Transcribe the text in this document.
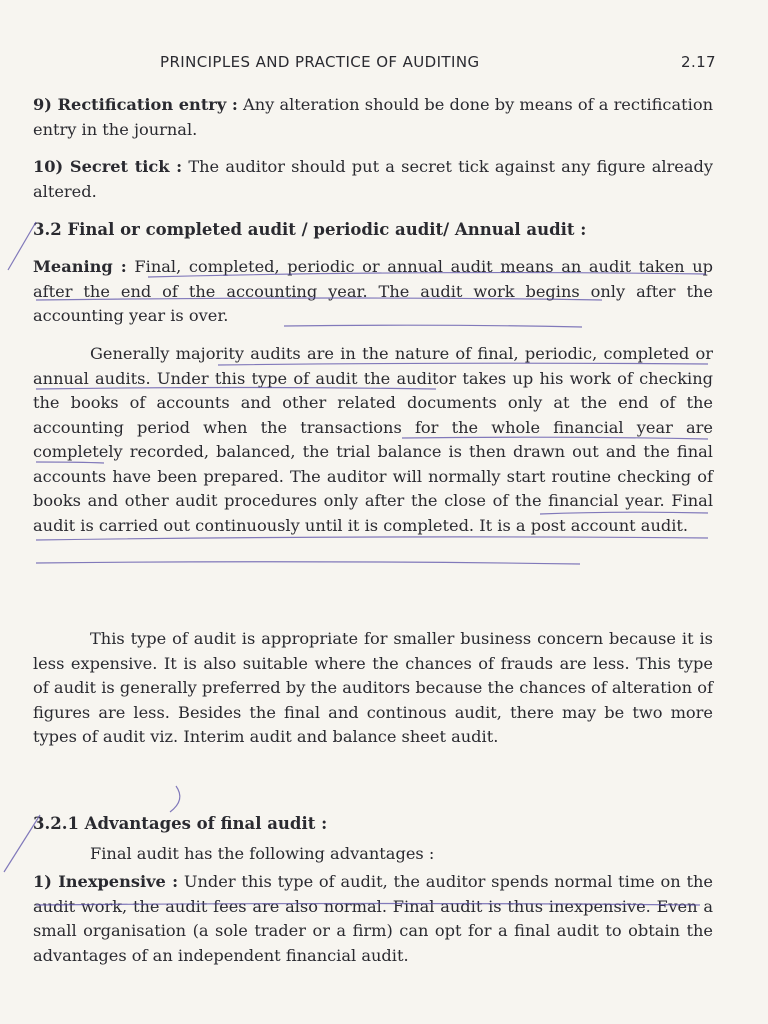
PRINCIPLES AND PRACTICE OF AUDITING	2.17

9) Rectification entry : Any alteration should be done by means of a rectification entry in the journal.

10) Secret tick : The auditor should put a secret tick against any figure already altered.

3.2 Final or completed audit / periodic audit/ Annual audit :

Meaning : Final, completed, periodic or annual audit means an audit taken up after the end of the accounting year. The audit work begins only after the accounting year is over.

Generally majority audits are in the nature of final, periodic, completed or annual audits. Under this type of audit the auditor takes up his work of checking the books of accounts and other related documents only at the end of the accounting period when the transactions for the whole financial year are completely recorded, balanced, the trial balance is then drawn out and the final accounts have been prepared. The auditor will normally start routine checking of books and other audit procedures only after the close of the financial year. Final audit is carried out continuously until it is completed. It is a post account audit.

This type of audit is appropriate for smaller business concern because it is less expensive. It is also suitable where the chances of frauds are less. This type of audit is generally preferred by the auditors because the chances of alteration of figures are less. Besides the final and continous audit, there may be two more types of audit viz. Interim audit and balance sheet audit.

3.2.1 Advantages of final audit :

Final audit has the following advantages :

1) Inexpensive : Under this type of audit, the auditor spends normal time on the audit work, the audit fees are also normal. Final audit is thus inexpensive. Even a small organisation (a sole trader or a firm) can opt for a final audit to obtain the advantages of an independent financial audit.
